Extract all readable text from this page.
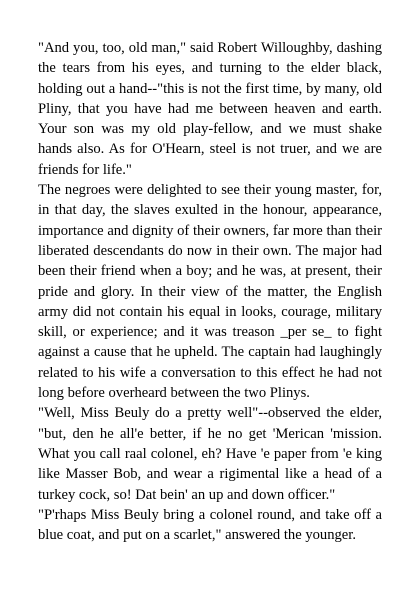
"And you, too, old man," said Robert Willoughby, dashing the tears from his eyes, and turning to the elder black, holding out a hand--"this is not the first time, by many, old Pliny, that you have had me between heaven and earth. Your son was my old play-fellow, and we must shake hands also. As for O'Hearn, steel is not truer, and we are friends for life."

The negroes were delighted to see their young master, for, in that day, the slaves exulted in the honour, appearance, importance and dignity of their owners, far more than their liberated descendants do now in their own. The major had been their friend when a boy; and he was, at present, their pride and glory. In their view of the matter, the English army did not contain his equal in looks, courage, military skill, or experience; and it was treason _per se_ to fight against a cause that he upheld. The captain had laughingly related to his wife a conversation to this effect he had not long before overheard between the two Plinys.

"Well, Miss Beuly do a pretty well"--observed the elder, "but, den he all'e better, if he no get 'Merican 'mission. What you call raal colonel, eh? Have 'e paper from 'e king like Masser Bob, and wear a rigimental like a head of a turkey cock, so! Dat bein' an up and down officer."

"P'rhaps Miss Beuly bring a colonel round, and take off a blue coat, and put on a scarlet," answered the younger.
